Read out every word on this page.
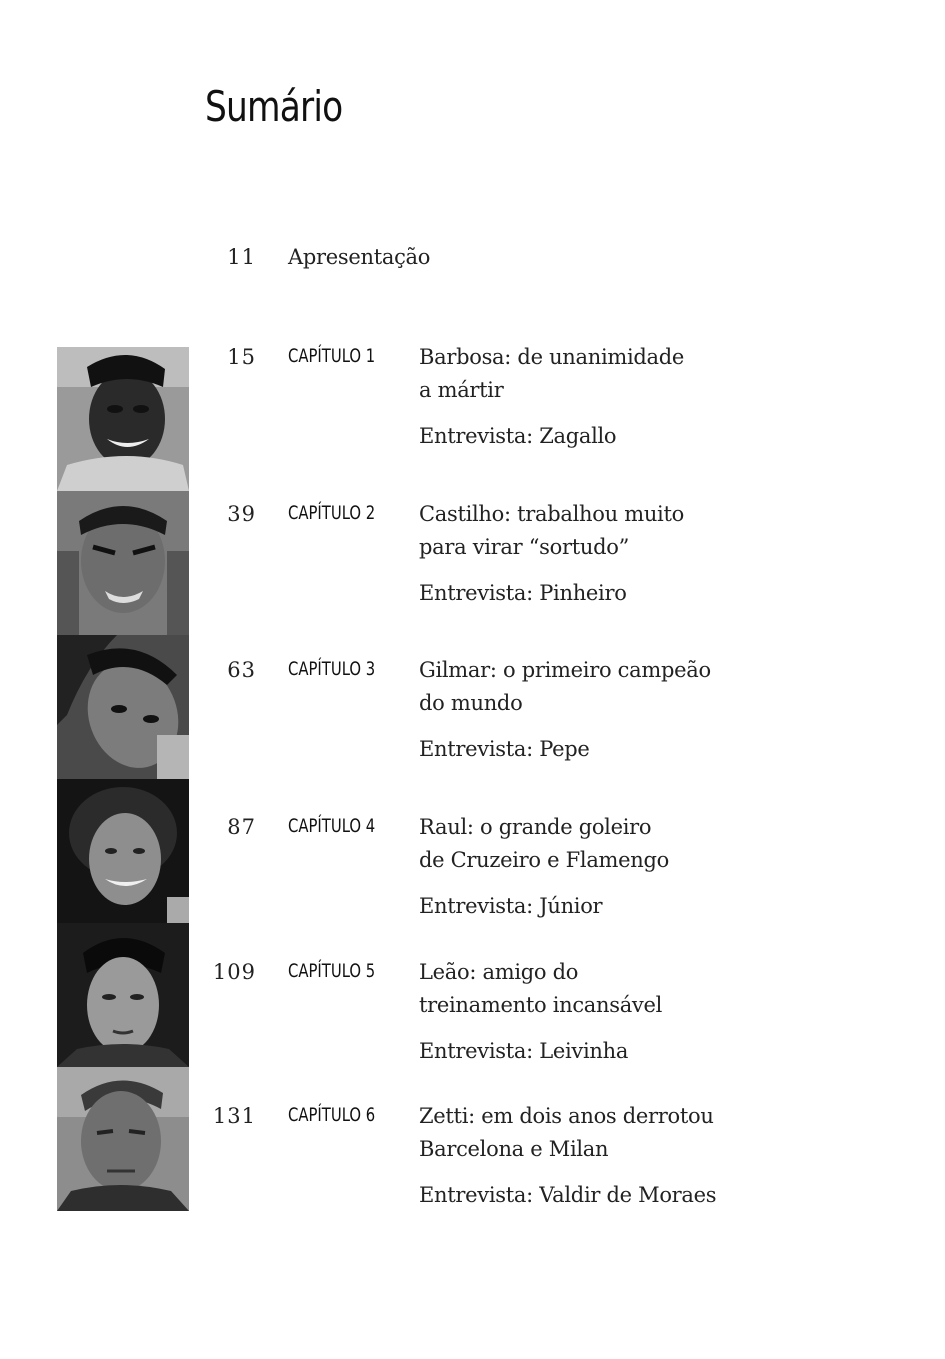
Sumário
11 Apresentação
15 CAPÍTULO 1 Barbosa: de unanimidade
a mártir
Entrevista: Zagallo
39 CAPÍTULO 2 Castilho: trabalhou muito
para virar “sortudo”
Entrevista: Pinheiro
63 CAPÍTULO 3 Gilmar: o primeiro campeão
do mundo
Entrevista: Pepe
87 CAPÍTULO 4 Raul: o grande goleiro
de Cruzeiro e Flamengo
Entrevista: Júnior
109 CAPÍTULO 5 Leão: amigo do
treinamento incansável
Entrevista: Leivinha
131 CAPÍTULO 6 Zetti: em dois anos derrotou
Barcelona e Milan
Entrevista: Valdir de Moraes
